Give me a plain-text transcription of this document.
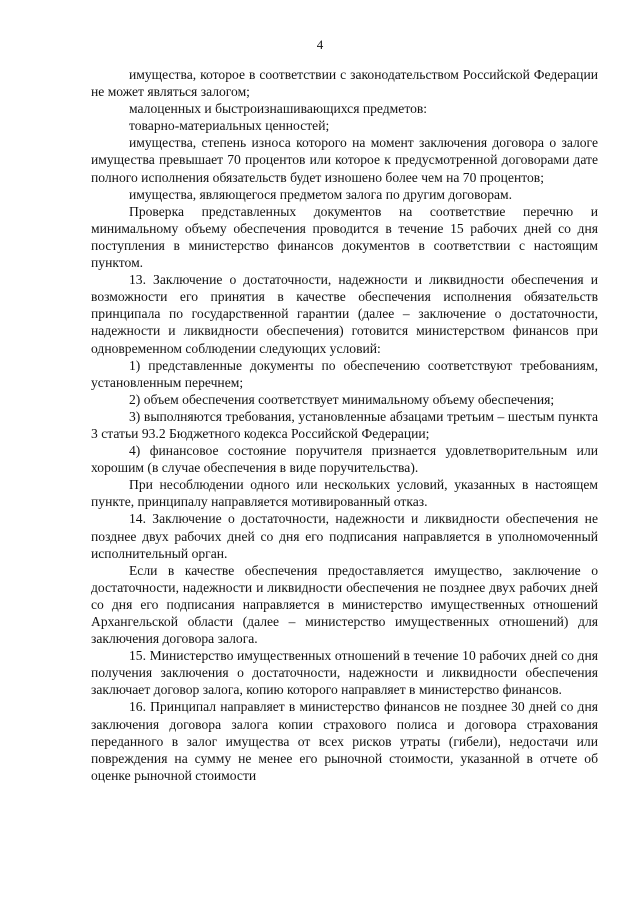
4

имущества, которое в соответствии с законодательством Российской Федерации не может являться залогом;

малоценных и быстроизнашивающихся предметов:

товарно-материальных ценностей;

имущества, степень износа которого на момент заключения договора о залоге имущества превышает 70 процентов или которое к предусмотренной договорами дате полного исполнения обязательств будет изношено более чем на 70 процентов;

имущества, являющегося предметом залога по другим договорам.

Проверка представленных документов на соответствие перечню и минимальному объему обеспечения проводится в течение 15 рабочих дней со дня поступления в министерство финансов документов в соответствии с настоящим пунктом.

13. Заключение о достаточности, надежности и ликвидности обеспечения и возможности его принятия в качестве обеспечения исполнения обязательств принципала по государственной гарантии (далее – заключение о достаточности, надежности и ликвидности обеспечения) готовится министерством финансов при одновременном соблюдении следующих условий:

1) представленные документы по обеспечению соответствуют требованиям, установленным перечнем;

2) объем обеспечения соответствует минимальному объему обеспечения;

3) выполняются требования, установленные абзацами третьим – шестым пункта 3 статьи 93.2 Бюджетного кодекса Российской Федерации;

4) финансовое состояние поручителя признается удовлетворительным или хорошим (в случае обеспечения в виде поручительства).

При несоблюдении одного или нескольких условий, указанных в настоящем пункте, принципалу направляется мотивированный отказ.

14. Заключение о достаточности, надежности и ликвидности обеспечения не позднее двух рабочих дней со дня его подписания направляется в уполномоченный исполнительный орган.

Если в качестве обеспечения предоставляется имущество, заключение о достаточности, надежности и ликвидности обеспечения не позднее двух рабочих дней со дня его подписания направляется в министерство имущественных отношений Архангельской области (далее – министерство имущественных отношений) для заключения договора залога.

15. Министерство имущественных отношений в течение 10 рабочих дней со дня получения заключения о достаточности, надежности и ликвидности обеспечения заключает договор залога, копию которого направляет в министерство финансов.

16. Принципал направляет в министерство финансов не позднее 30 дней со дня заключения договора залога копии страхового полиса и договора страхования переданного в залог имущества от всех рисков утраты (гибели), недостачи или повреждения на сумму не менее его рыночной стоимости, указанной в отчете об оценке рыночной стоимости
